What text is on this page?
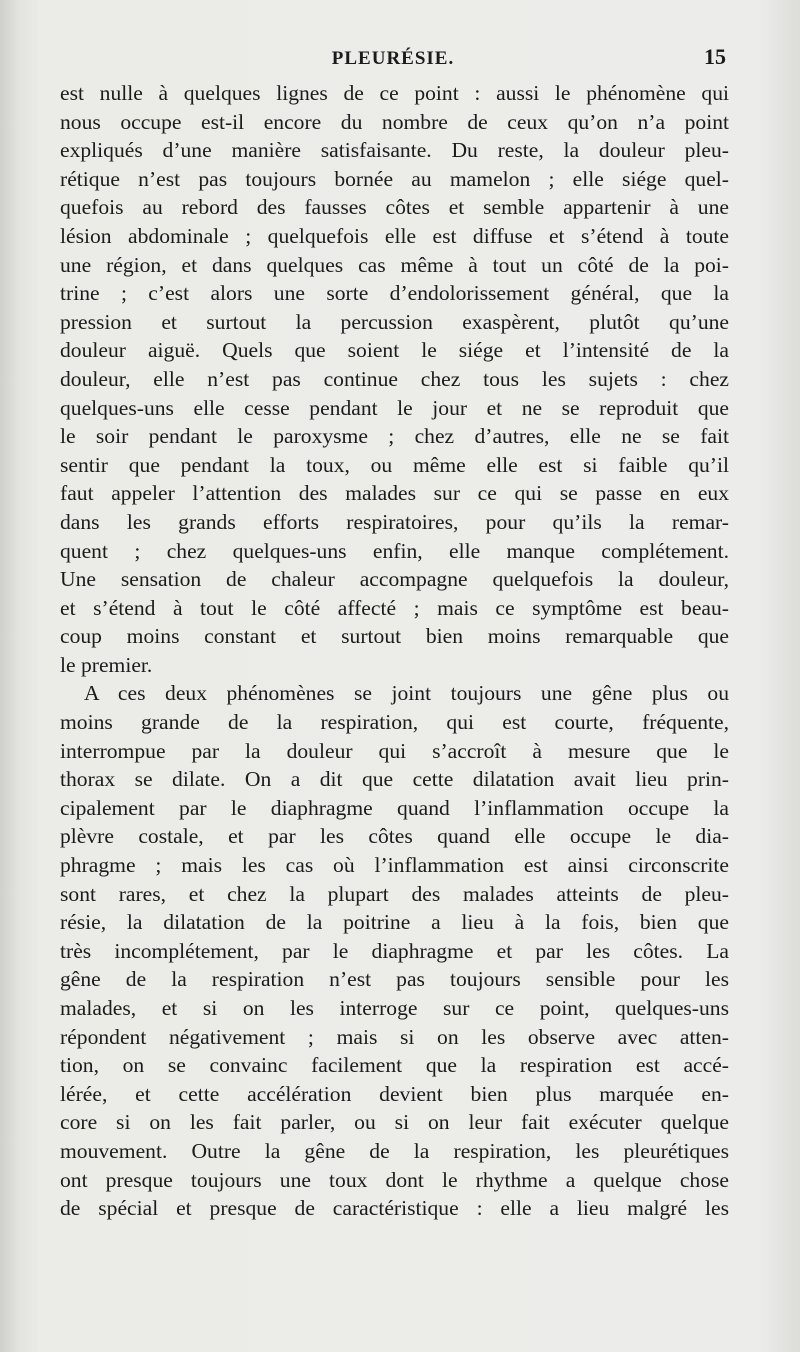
PLEURÉSIE.	15
est nulle à quelques lignes de ce point : aussi le phénomène qui
nous occupe est-il encore du nombre de ceux qu’on n’a point
expliqués d’une manière satisfaisante. Du reste, la douleur pleu-
rétique n’est pas toujours bornée au mamelon ; elle siége quel-
quefois au rebord des fausses côtes et semble appartenir à une
lésion abdominale ; quelquefois elle est diffuse et s’étend à toute
une région, et dans quelques cas même à tout un côté de la poi-
trine ; c’est alors une sorte d’endolorissement général, que la
pression et surtout la percussion exaspèrent, plutôt qu’une
douleur aiguë. Quels que soient le siége et l’intensité de la
douleur, elle n’est pas continue chez tous les sujets : chez
quelques-uns elle cesse pendant le jour et ne se reproduit que
le soir pendant le paroxysme ; chez d’autres, elle ne se fait
sentir que pendant la toux, ou même elle est si faible qu’il
faut appeler l’attention des malades sur ce qui se passe en eux
dans les grands efforts respiratoires, pour qu’ils la remar-
quent ; chez quelques-uns enfin, elle manque complétement.
Une sensation de chaleur accompagne quelquefois la douleur,
et s’étend à tout le côté affecté ; mais ce symptôme est beau-
coup moins constant et surtout bien moins remarquable que
le premier.
A ces deux phénomènes se joint toujours une gêne plus ou
moins grande de la respiration, qui est courte, fréquente,
interrompue par la douleur qui s’accroît à mesure que le
thorax se dilate. On a dit que cette dilatation avait lieu prin-
cipalement par le diaphragme quand l’inflammation occupe la
plèvre costale, et par les côtes quand elle occupe le dia-
phragme ; mais les cas où l’inflammation est ainsi circonscrite
sont rares, et chez la plupart des malades atteints de pleu-
résie, la dilatation de la poitrine a lieu à la fois, bien que
très incomplétement, par le diaphragme et par les côtes. La
gêne de la respiration n’est pas toujours sensible pour les
malades, et si on les interroge sur ce point, quelques-uns
répondent négativement ; mais si on les observe avec atten-
tion, on se convainc facilement que la respiration est accé-
lérée, et cette accélération devient bien plus marquée en-
core si on les fait parler, ou si on leur fait exécuter quelque
mouvement. Outre la gêne de la respiration, les pleurétiques
ont presque toujours une toux dont le rhythme a quelque chose
de spécial et presque de caractéristique : elle a lieu malgré les
